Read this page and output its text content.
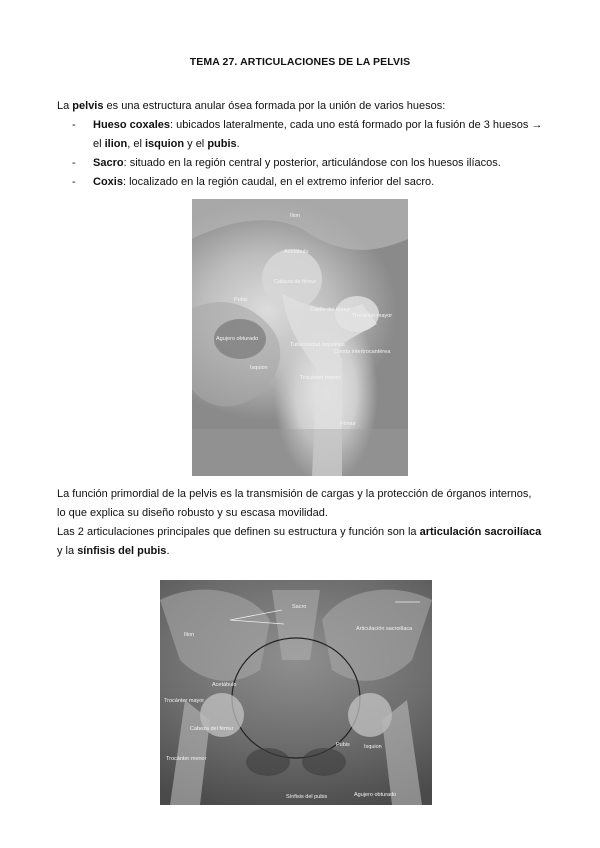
TEMA 27. ARTICULACIONES DE LA PELVIS

La pelvis es una estructura anular ósea formada por la unión de varios huesos:

- Hueso coxales: ubicados lateralmente, cada uno está formado por la fusión de 3 huesos →
el ilion, el isquion y el pubis.
- Sacro: situado en la región central y posterior, articulándose con los huesos ilíacos.
- Coxis: localizado en la región caudal, en el extremo inferior del sacro.
Ilion
Acetábulo
Cabeza de fémur
Pubis
Cuello del fémur
Trocánter mayor
Agujero obturado
Tuberosidad isquiática
Cresta intertrocantérea
Isquion
Trocánter menor
Fémur

La función primordial de la pelvis es la transmisión de cargas y la protección de órganos internos,
lo que explica su diseño robusto y su escasa movilidad.
Las 2 articulaciones principales que definen su estructura y función son la articulación sacroilíaca
y la sínfisis del pubis.

Sacro
Ilion
Articulación sacroilíaca
Acetábulo
Trocánter mayor
Cabeza del fémur
Trocánter menor
Pubis	Isquion
Sínfisis del pubis	Agujero obturado
